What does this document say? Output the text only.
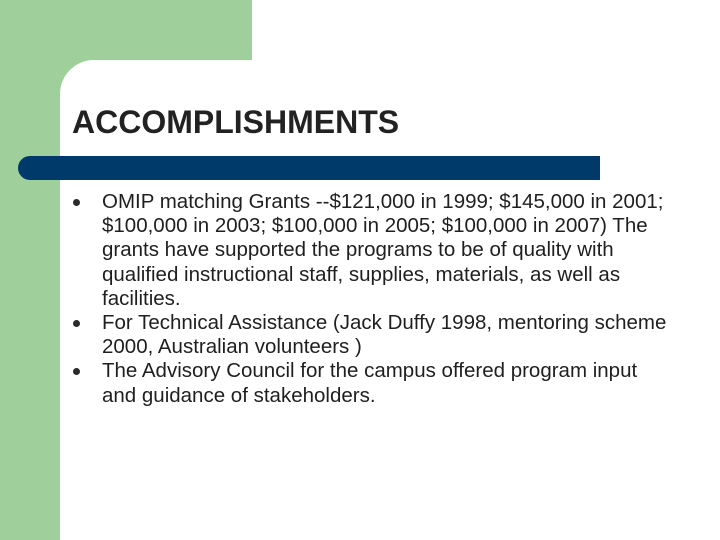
ACCOMPLISHMENTS
OMIP matching Grants --$121,000 in 1999; $145,000 in 2001; $100,000 in 2003; $100,000 in 2005; $100,000 in 2007) The grants have supported the programs to be of quality with qualified instructional staff, supplies, materials, as well as facilities.
For Technical Assistance (Jack Duffy 1998, mentoring scheme 2000, Australian volunteers )
The Advisory Council for the campus offered program input and guidance of stakeholders.
